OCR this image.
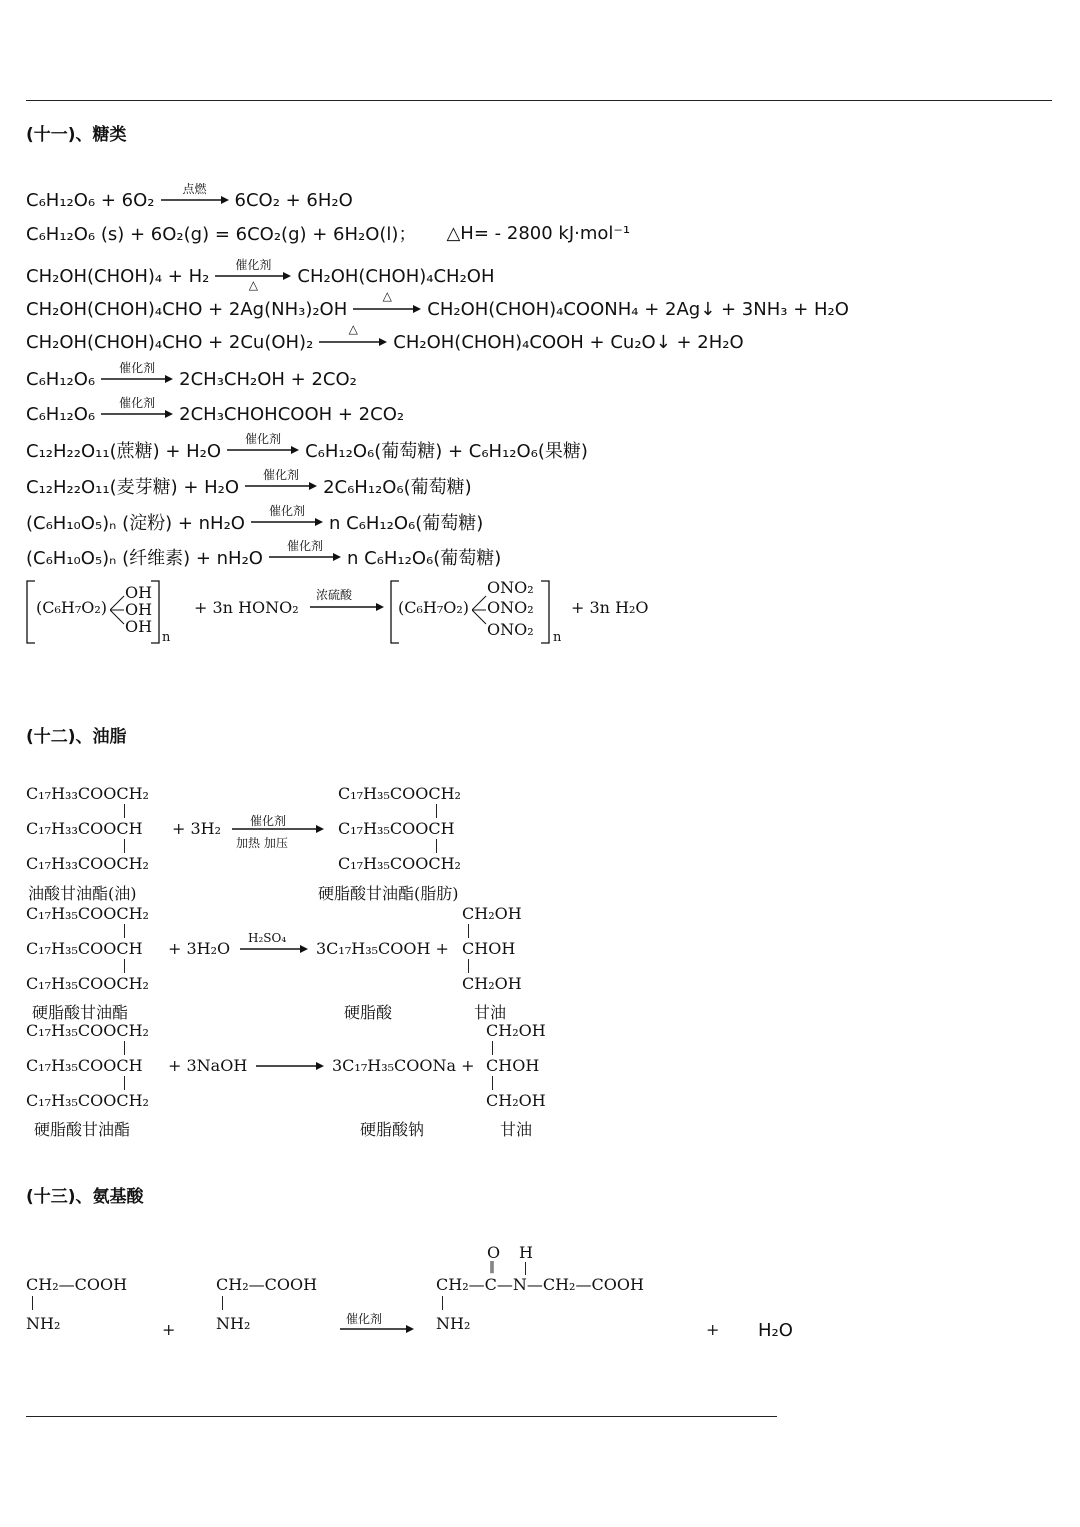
(十一)、糖类
C₆H₁₂O₆ + 6O₂
点燃
6CO₂ + 6H₂O
C₆H₁₂O₆ (s) + 6O₂(g) = 6CO₂(g) + 6H₂O(l)； △H= - 2800 kJ·mol⁻¹
CH₂OH(CHOH)₄ + H₂
催化剂
△	CH₂OH(CHOH)₄CH₂OH
CH₂OH(CHOH)₄CHO + 2Ag(NH₃)₂OH
△
CH₂OH(CHOH)₄COONH₄ + 2Ag↓ + 3NH₃ + H₂O
CH₂OH(CHOH)₄CHO + 2Cu(OH)₂
△
CH₂OH(CHOH)₄COOH + Cu₂O↓ + 2H₂O
C₆H₁₂O₆
催化剂
2CH₃CH₂OH + 2CO₂
C₆H₁₂O₆
催化剂
2CH₃CHOHCOOH + 2CO₂
C₁₂H₂₂O₁₁(蔗糖) + H₂O
催化剂
C₆H₁₂O₆(葡萄糖) + C₆H₁₂O₆(果糖)
C₁₂H₂₂O₁₁(麦芽糖) + H₂O
催化剂
2C₆H₁₂O₆(葡萄糖)
(C₆H₁₀O₅)ₙ (淀粉) + nH₂O
催化剂
n C₆H₁₂O₆(葡萄糖)
(C₆H₁₀O₅)ₙ (纤维素) + nH₂O
催化剂
n C₆H₁₂O₆(葡萄糖)
(C₆H₇O₂)
OH
OH
OH
n
+ 3n HONO₂
浓硫酸
(C₆H₇O₂)
ONO₂
ONO₂
ONO₂ n
+ 3n H₂O
(十二)、油脂
C₁₇H₃₃COOCH₂
C₁₇H₃₃COOCH
C₁₇H₃₃COOCH₂
油酸甘油酯(油)
+ 3H₂ 催化剂
加热 加压
C₁₇H₃₅COOCH₂
C₁₇H₃₅COOCH
C₁₇H₃₅COOCH₂
硬脂酸甘油酯(脂肪)
C₁₇H₃₅COOCH₂
C₁₇H₃₅COOCH
C₁₇H₃₅COOCH₂
硬脂酸甘油酯
+ 3H₂O
H₂SO₄
3C₁₇H₃₅COOH +
CH₂OH
CHOH
CH₂OH
硬脂酸	甘油
C₁₇H₃₅COOCH₂
C₁₇H₃₅COOCH
C₁₇H₃₅COOCH₂
硬脂酸甘油酯
+ 3NaOH	3C₁₇H₃₅COONa +
CH₂OH
CHOH
CH₂OH
硬脂酸钠	甘油
(十三)、氨基酸
CH₂—COOH
NH₂	+
CH₂—COOH
NH₂	催化剂
O
‖
H
CH₂—C—N—CH₂—COOH
NH₂	+ H₂O
